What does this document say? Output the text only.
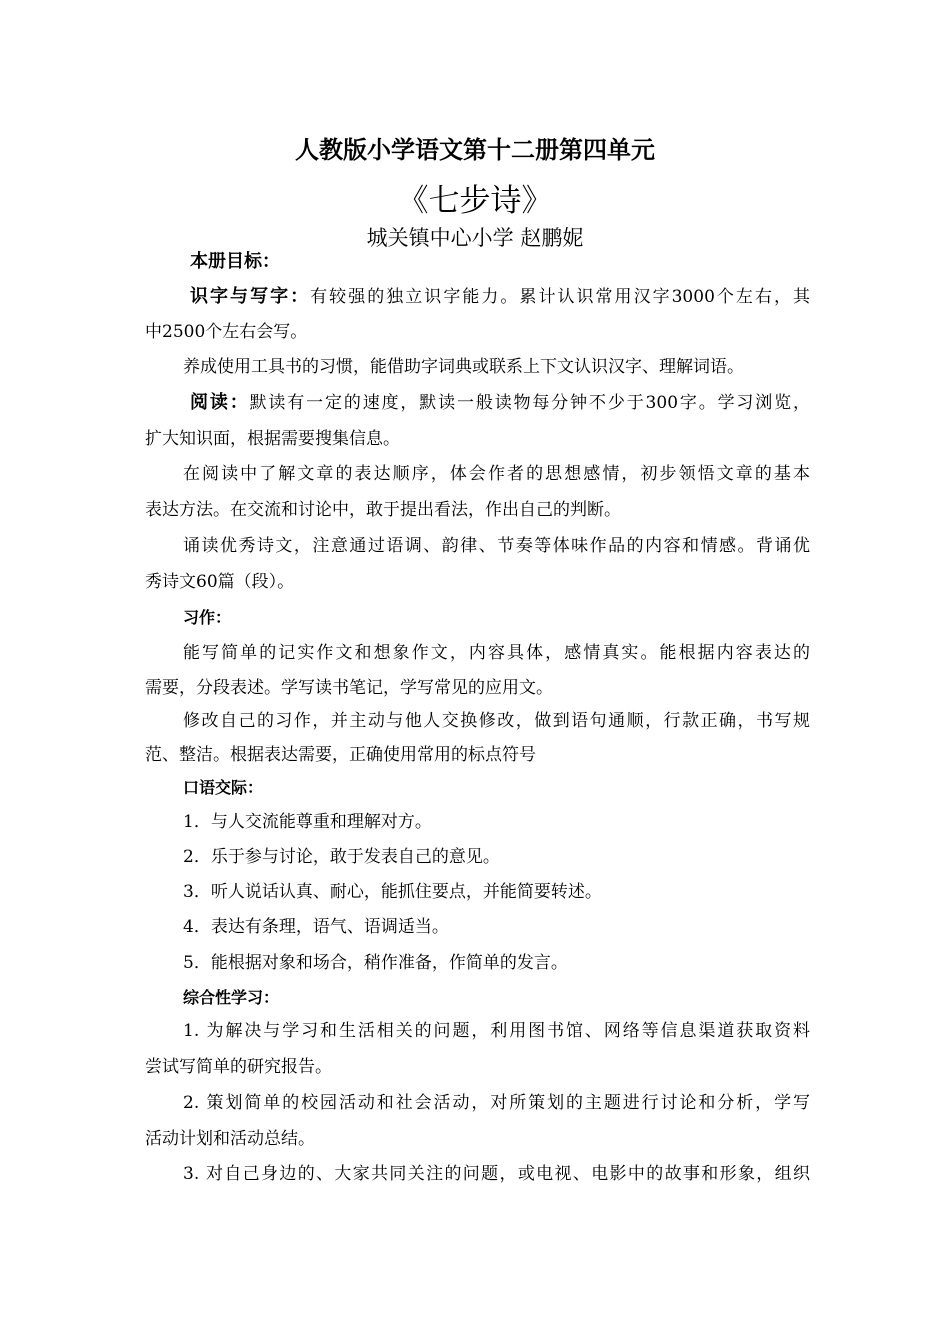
人教版小学语文第十二册第四单元
《七步诗》
城关镇中心小学 赵鹏妮
本册目标：
识字与写字：有较强的独立识字能力。累计认识常用汉字3000个左右，其
中2500个左右会写。
养成使用工具书的习惯，能借助字词典或联系上下文认识汉字、理解词语。
阅读：默读有一定的速度，默读一般读物每分钟不少于300字。学习浏览，
扩大知识面，根据需要搜集信息。
在阅读中了解文章的表达顺序，体会作者的思想感情，初步领悟文章的基本
表达方法。在交流和讨论中，敢于提出看法，作出自己的判断。
诵读优秀诗文，注意通过语调、韵律、节奏等体味作品的内容和情感。背诵优
秀诗文60篇（段）。
习作：
能写简单的记实作文和想象作文，内容具体，感情真实。能根据内容表达的
需要，分段表述。学写读书笔记，学写常见的应用文。
修改自己的习作，并主动与他人交换修改，做到语句通顺，行款正确，书写规
范、整洁。根据表达需要，正确使用常用的标点符号
口语交际：
1．与人交流能尊重和理解对方。
2．乐于参与讨论，敢于发表自己的意见。
3．听人说话认真、耐心，能抓住要点，并能简要转述。
4．表达有条理，语气、语调适当。
5．能根据对象和场合，稍作准备，作简单的发言。
综合性学习：
1. 为解决与学习和生活相关的问题，利用图书馆、网络等信息渠道获取资料
尝试写简单的研究报告。
2. 策划简单的校园活动和社会活动，对所策划的主题进行讨论和分析，学写
活动计划和活动总结。
3. 对自己身边的、大家共同关注的问题，或电视、电影中的故事和形象，组织
